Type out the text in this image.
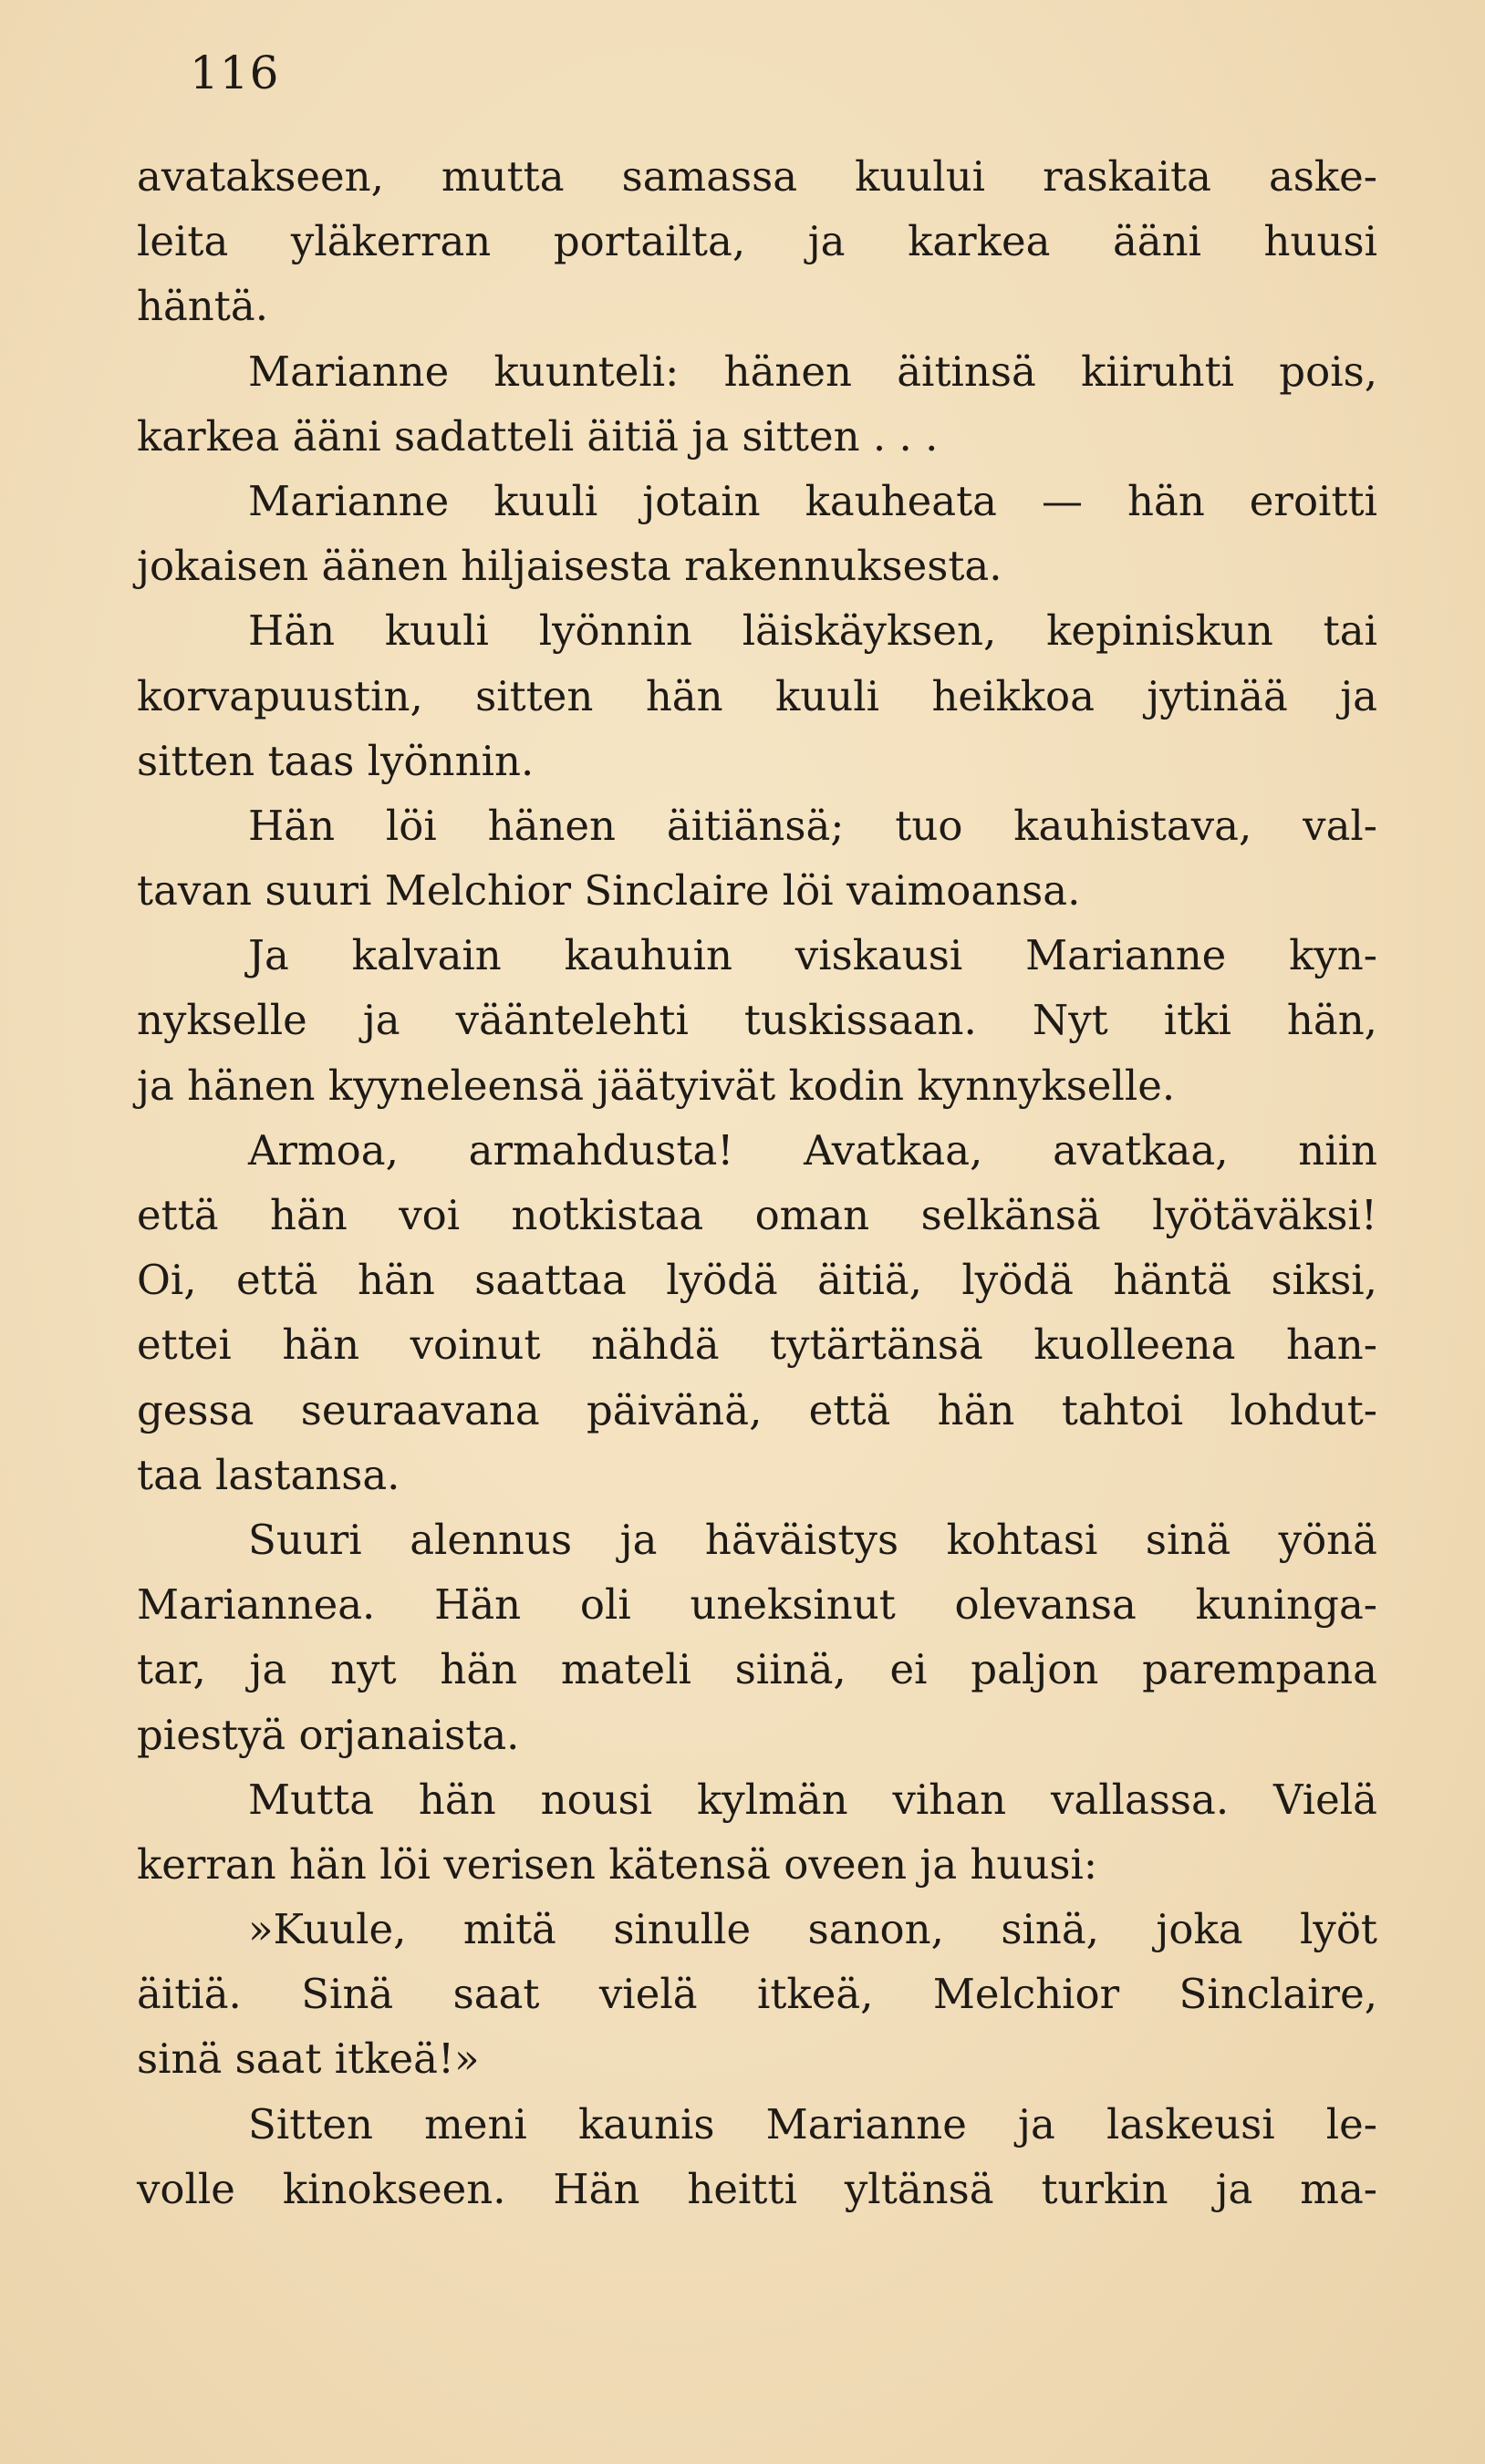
116
avatakseen, mutta samassa kuului raskaita aske-
leita yläkerran portailta, ja karkea ääni huusi
häntä.
Marianne kuunteli: hänen äitinsä kiiruhti pois,
karkea ääni sadatteli äitiä ja sitten . . .
Marianne kuuli jotain kauheata — hän eroitti
jokaisen äänen hiljaisesta rakennuksesta.
Hän kuuli lyönnin läiskäyksen, kepiniskun tai
korvapuustin, sitten hän kuuli heikkoa jytinää ja
sitten taas lyönnin.
Hän löi hänen äitiänsä; tuo kauhistava, val-
tavan suuri Melchior Sinclaire löi vaimoansa.
Ja kalvain kauhuin viskausi Marianne kyn-
nykselle ja vääntelehti tuskissaan. Nyt itki hän,
ja hänen kyyneleensä jäätyivät kodin kynnykselle.
Armoa, armahdusta! Avatkaa, avatkaa, niin
että hän voi notkistaa oman selkänsä lyötäväksi!
Oi, että hän saattaa lyödä äitiä, lyödä häntä siksi,
ettei hän voinut nähdä tytärtänsä kuolleena han-
gessa seuraavana päivänä, että hän tahtoi lohdut-
taa lastansa.
Suuri alennus ja häväistys kohtasi sinä yönä
Mariannea. Hän oli uneksinut olevansa kuninga-
tar, ja nyt hän mateli siinä, ei paljon parempana
piestyä orjanaista.
Mutta hän nousi kylmän vihan vallassa. Vielä
kerran hän löi verisen kätensä oveen ja huusi:
»Kuule, mitä sinulle sanon, sinä, joka lyöt
äitiä. Sinä saat vielä itkeä, Melchior Sinclaire,
sinä saat itkeä!»
Sitten meni kaunis Marianne ja laskeusi le-
volle kinokseen. Hän heitti yltänsä turkin ja ma-
